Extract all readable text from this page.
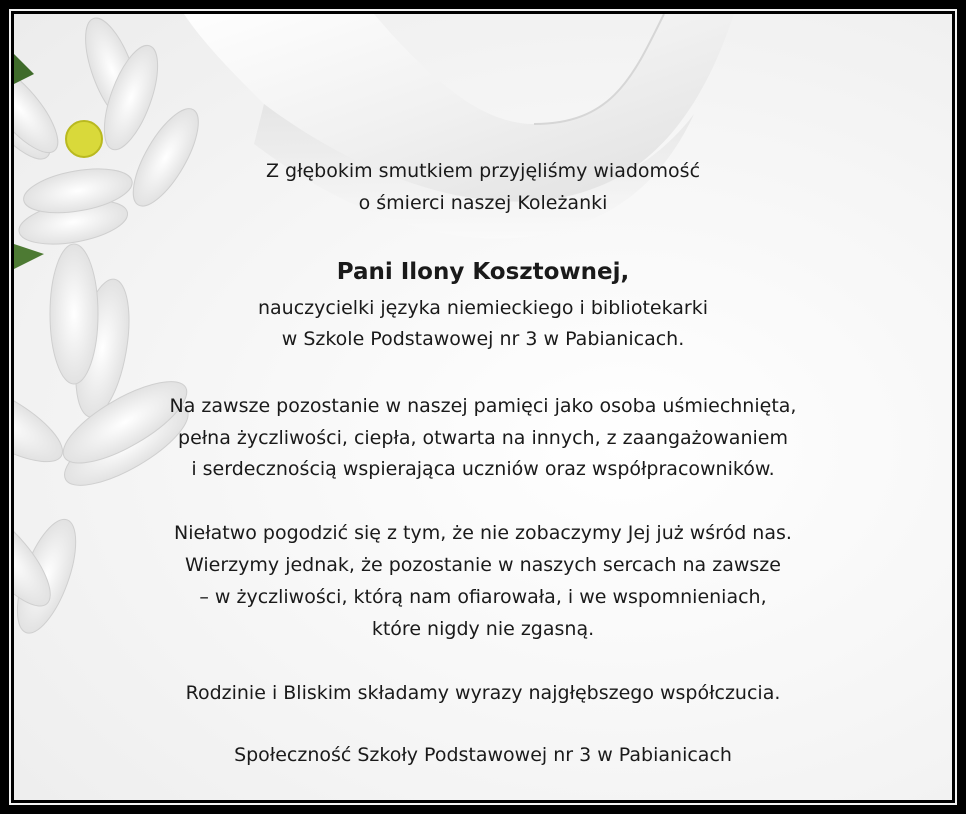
Z głębokim smutkiem przyjęliśmy wiadomość
o śmierci naszej Koleżanki
Pani Ilony Kosztownej,
nauczycielki języka niemieckiego i bibliotekarki
w Szkole Podstawowej nr 3 w Pabianicach.
Na zawsze pozostanie w naszej pamięci jako osoba uśmiechnięta,
pełna życzliwości, ciepła, otwarta na innych, z zaangażowaniem
i serdecznością wspierająca uczniów oraz współpracowników.
Niełatwo pogodzić się z tym, że nie zobaczymy Jej już wśród nas.
Wierzymy jednak, że pozostanie w naszych sercach na zawsze
– w życzliwości, którą nam ofiarowała, i we wspomnieniach,
które nigdy nie zgasną.
Rodzinie i Bliskim składamy wyrazy najgłębszego współczucia.
Społeczność Szkoły Podstawowej nr 3 w Pabianicach
